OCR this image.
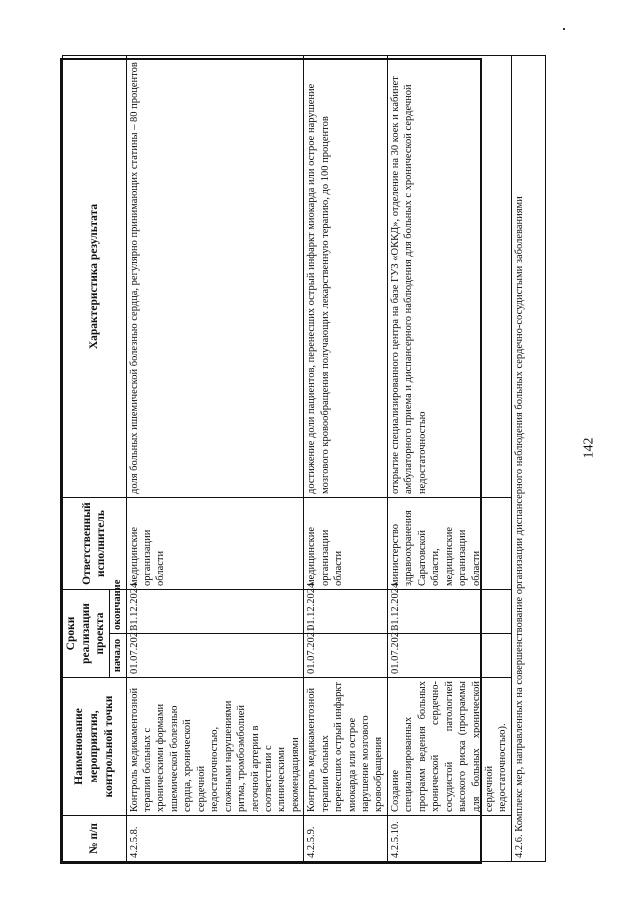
№ п/п	Наименование мероприятия, контрольной точки	Сроки реализации проекта		Ответственный исполнитель	Характеристика результата
		начало	окончание		
4.2.5.8.	Контроль медикаментозной терапии больных с хроническими формами ишемической болезнью сердца, хронической сердечной недостаточностью, сложными нарушениями ритма, тромбоэмболией легочной артерии в соответствии с клиническими рекомендациями	01.07.2021	31.12.2024	медицинские организации области	доля больных ишемической болезнью сердца, регулярно принимающих статины – 80 процентов
4.2.5.9.	Контроль медикаментозной терапии больных перенесших острый инфаркт миокарда или острое нарушение мозгового кровообращения	01.07.2021	01.12.2024	медицинские организации области	достижение доли пациентов, перенесших острый инфаркт миокарда или острое нарушение мозгового кровообращения получающих лекарственную терапию, до 100 процентов
4.2.5.10.	Создание специализированных программ ведения больных хронической сердечно-сосудистой патологией высокого риска (программы для больных хронической сердечной недостаточностью).	01.07.2021	31.12.2024	министерство здравоохранения Саратовской области, медицинские организации области	открытие специализированного центра на базе ГУЗ «ОККД», отделение на 30 коек и кабинет амбулаторного приема и диспансерного наблюдения для больных с хронической сердечной недостаточностью
4.2.6. Комплекс мер, направленных на совершенствование организации диспансерного наблюдения больных сердечно-сосудистыми заболеваниями						142
